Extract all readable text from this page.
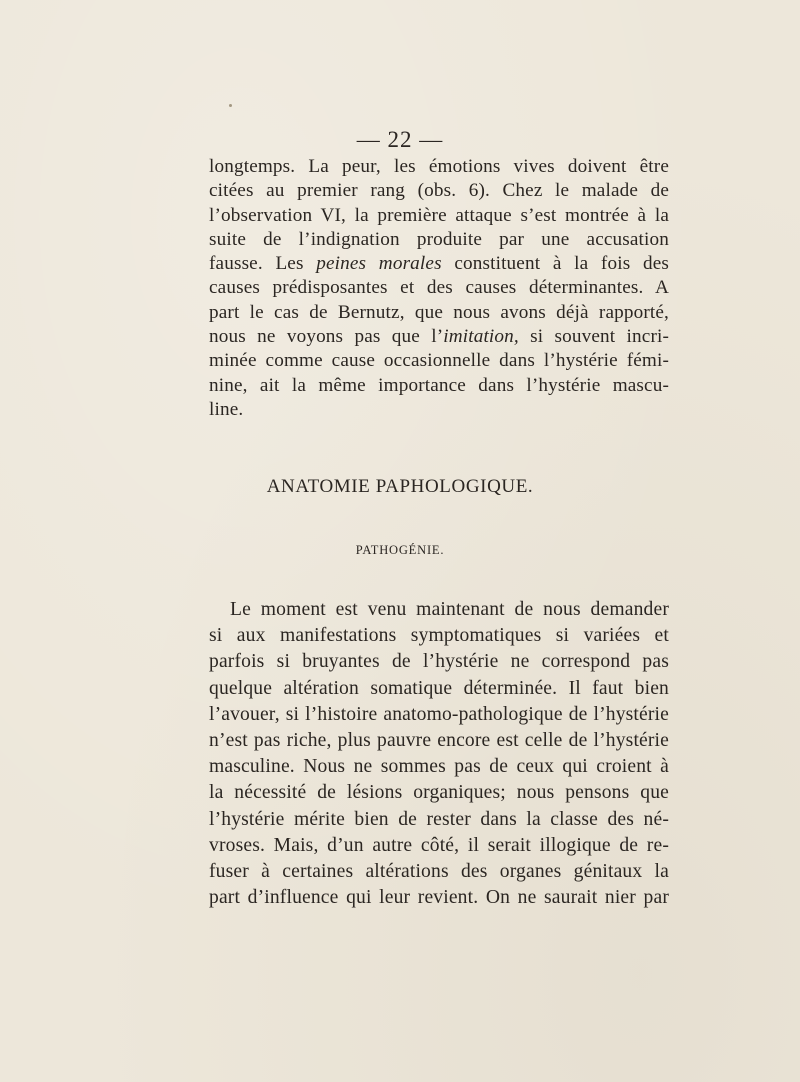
— 22 —
longtemps. La peur, les émotions vives doivent être
citées au premier rang (obs. 6). Chez le malade de
l’observation VI, la première attaque s’est montrée à la
suite de l’indignation produite par une accusation
fausse. Les peines morales constituent à la fois des
causes prédisposantes et des causes déterminantes. A
part le cas de Bernutz, que nous avons déjà rapporté,
nous ne voyons pas que l’imitation, si souvent incri-
minée comme cause occasionnelle dans l’hystérie fémi-
nine, ait la même importance dans l’hystérie mascu-
line.
ANATOMIE PAPHOLOGIQUE.
PATHOGÉNIE.
Le moment est venu maintenant de nous demander
si aux manifestations symptomatiques si variées et
parfois si bruyantes de l’hystérie ne correspond pas
quelque altération somatique déterminée. Il faut bien
l’avouer, si l’histoire anatomo-pathologique de l’hystérie
n’est pas riche, plus pauvre encore est celle de l’hystérie
masculine. Nous ne sommes pas de ceux qui croient à
la nécessité de lésions organiques; nous pensons que
l’hystérie mérite bien de rester dans la classe des né-
vroses. Mais, d’un autre côté, il serait illogique de re-
fuser à certaines altérations des organes génitaux la
part d’influence qui leur revient. On ne saurait nier par
